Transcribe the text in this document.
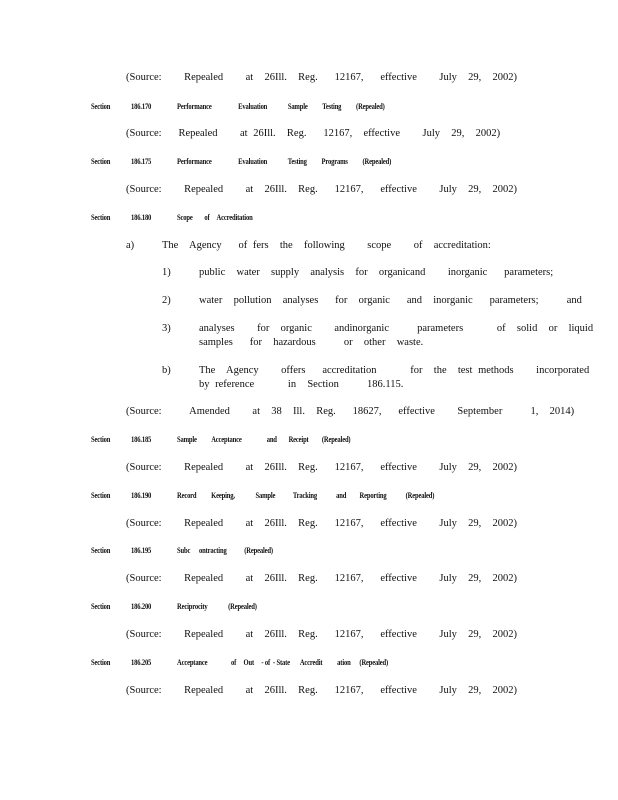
(Source:    Repealed    at  26Ill.  Reg.   12167,   effective    July  29,  2002)
Section	186.170	Performance                  Evaluation              Sample          Testing          (Repealed)
(Source:   Repealed    at 26Ill.  Reg.   12167,  effective    July  29,  2002)
Section	186.175	Performance                  Evaluation              Testing          Programs          (Repealed)
(Source:    Repealed    at  26Ill.  Reg.   12167,   effective    July  29,  2002)
Section	186.180	Scope        of     Accreditation
a)	The  Agency   of fers  the  following    scope    of  accreditation:
1)	public  water  supply  analysis  for  organicand    inorganic   parameters;
2)	water  pollution  analyses   for  organic   and  inorganic   parameters;     and
3)	analyses    for  organic    andinorganic     parameters      of  solid  or  liquid
samples   for  hazardous     or  other  waste.
b)	The  Agency    offers   accreditation      for  the  test methods    incorporated
by reference      in  Section     186.115.
(Source:     Amended    at  38  Ill.  Reg.   18627,   effective    September     1,  2014)
Section	186.185	Sample          Acceptance                 and        Receipt         (Repealed)
(Source:    Repealed    at  26Ill.  Reg.   12167,   effective    July  29,  2002)
Section	186.190	Record          Keeping,              Sample            Tracking             and         Reporting             (Repealed)
(Source:    Repealed    at  26Ill.  Reg.   12167,   effective    July  29,  2002)
Section	186.195	Subc      ontracting            (Repealed)
(Source:    Repealed    at  26Ill.  Reg.   12167,   effective    July  29,  2002)
Section	186.200	Reciprocity              (Repealed)
(Source:    Repealed    at  26Ill.  Reg.   12167,   effective    July  29,  2002)
Section	186.205	Acceptance                of     Out     - of  - State       Accredit          ation      (Repealed)
(Source:    Repealed    at  26Ill.  Reg.   12167,   effective    July  29,  2002)
